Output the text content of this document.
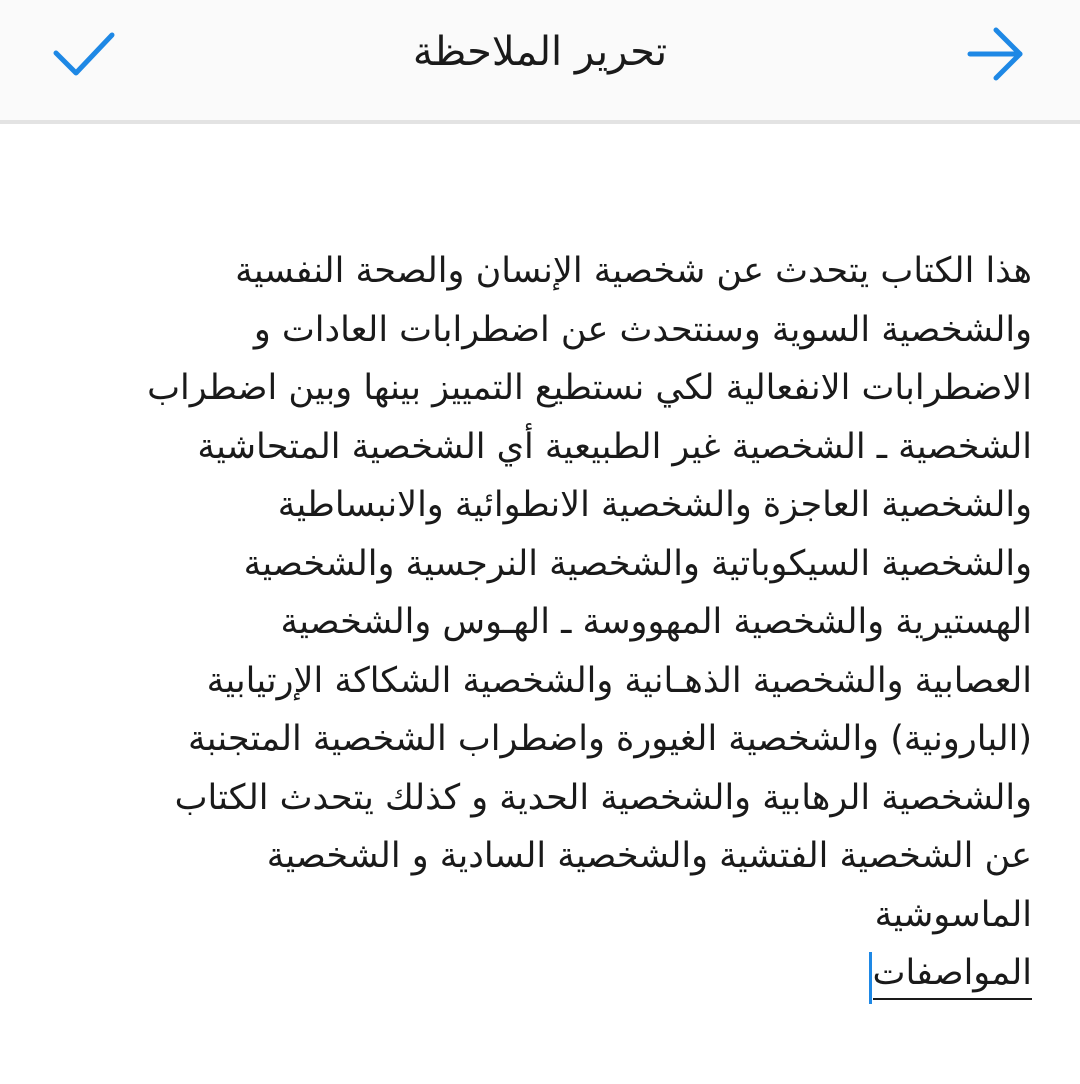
تحرير الملاحظة
هذا الكتاب يتحدث عن شخصية الإنسان والصحة النفسية
والشخصية السوية وسنتحدث عن اضطرابات العادات و
الاضطرابات الانفعالية لكي نستطيع التمييز بينها وبين اضطراب
الشخصية ـ الشخصية غير الطبيعية أي الشخصية المتحاشية
والشخصية العاجزة والشخصية الانطوائية والانبساطية
والشخصية السيكوباتية والشخصية النرجسية والشخصية
الهستيرية والشخصية المهووسة ـ الهـوس والشخصية
العصابية والشخصية الذهـانية والشخصية الشكاكة الإرتيابية
(البارونية) والشخصية الغيورة واضطراب الشخصية المتجنبة
والشخصية الرهابية والشخصية الحدية و كذلك يتحدث الكتاب
عن الشخصية الفتشية والشخصية السادية و الشخصية
الماسوشية
المواصفات
